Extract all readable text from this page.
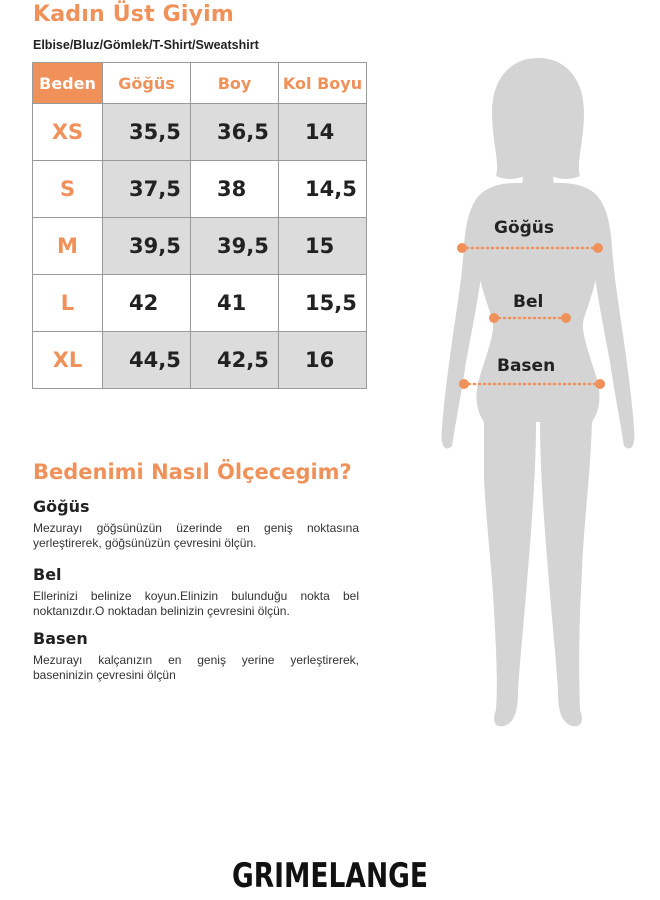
Kadın Üst Giyim
Elbise/Bluz/Gömlek/T-Shirt/Sweatshirt
Beden	Göğüs	Boy	Kol Boyu
XS	35,5	36,5	14
S	37,5	38	14,5
M	39,5	39,5	15
L	42	41	15,5
XL	44,5	42,5	16
Bedenimi Nasıl Ölçecegim?
Göğüs

Mezurayı göğsünüzün üzerinde en geniş noktasına yerleştirerek, göğsünüzün çevresini ölçün.

Bel

Ellerinizi belinize koyun.Elinizin bulunduğu nokta bel noktanızdır.O noktadan belinizin çevresini ölçün.

Basen

Mezurayı kalçanızın en geniş yerine yerleştirerek, baseninizin çevresini ölçün

Göğüs
Bel
Basen
GRIMELANGE
